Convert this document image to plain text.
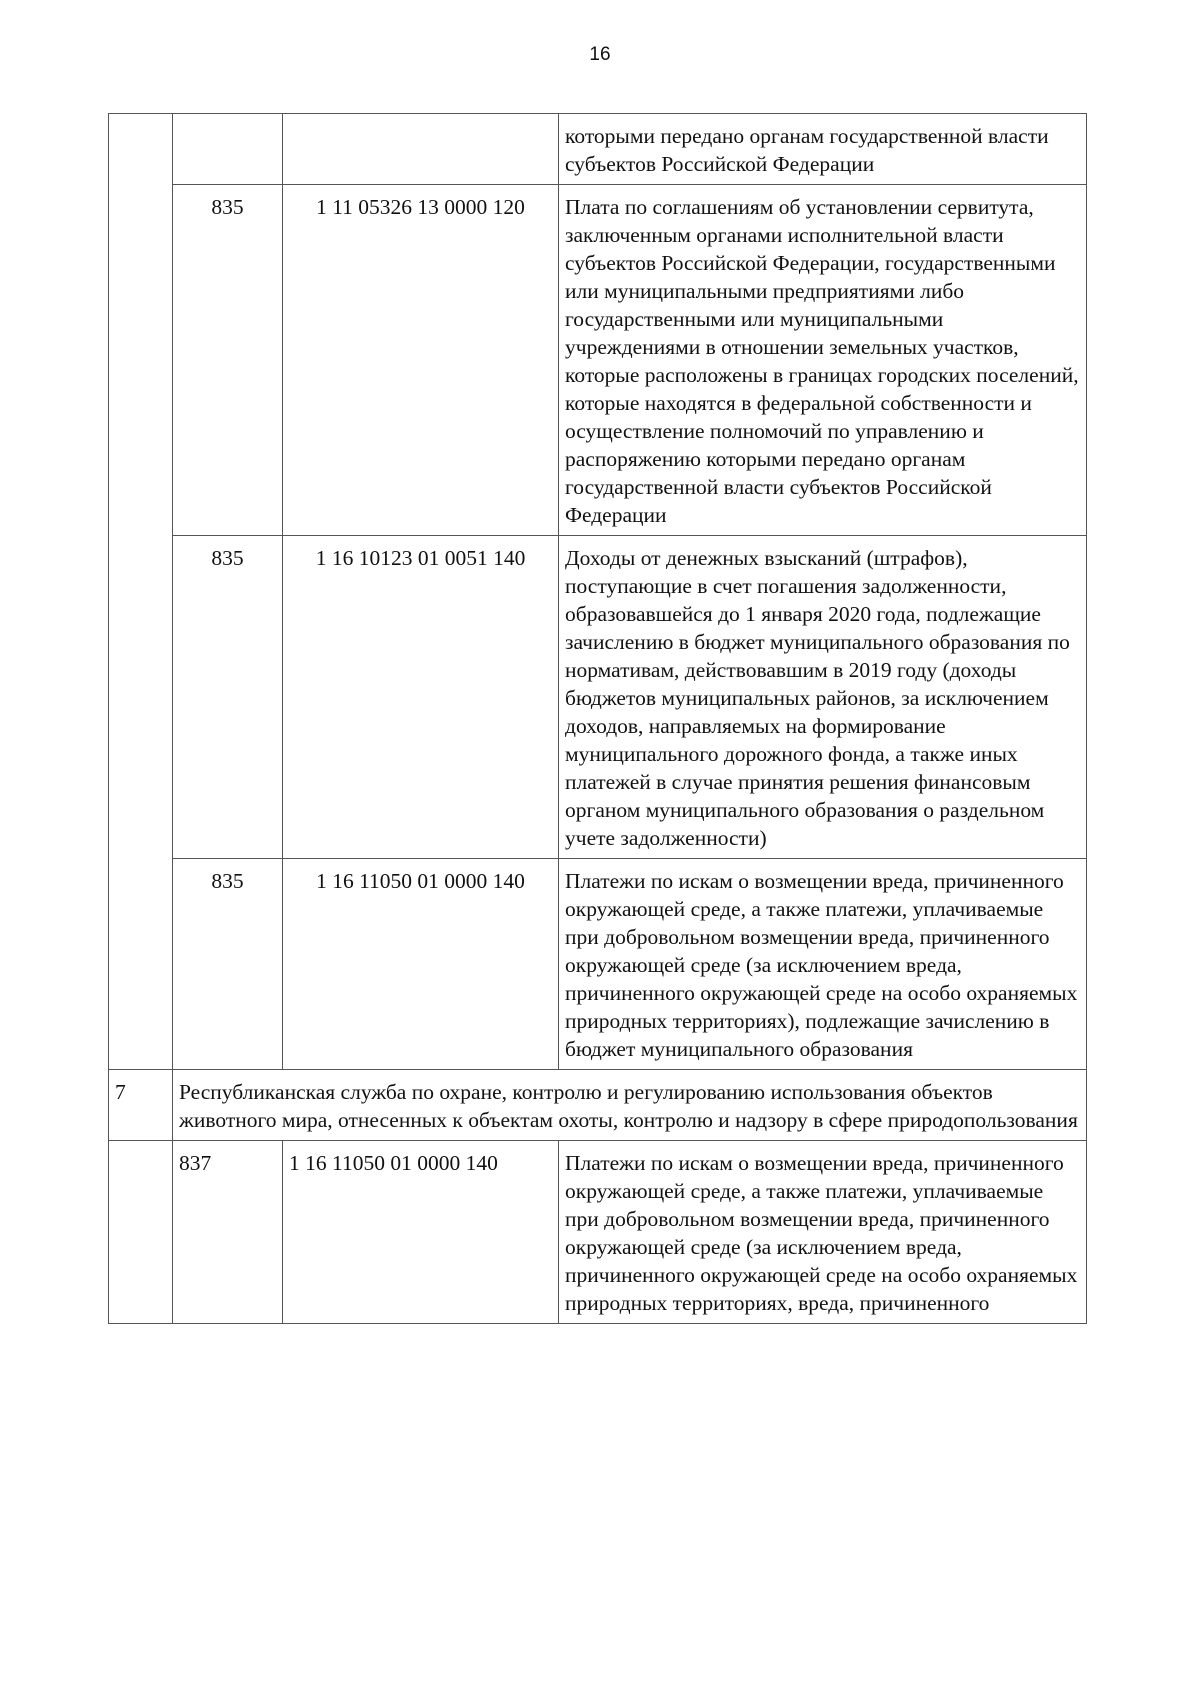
16
			которыми передано органам государственной власти субъектов Российской Федерации
	835	1 11 05326 13 0000 120	Плата по соглашениям об установлении сервитута, заключенным органами исполнительной власти субъектов Российской Федерации, государственными или муниципальными предприятиями либо государственными или муниципальными учреждениями в отношении земельных участков, которые расположены в границах городских поселений, которые находятся в федеральной собственности и осуществление полномочий по управлению и распоряжению которыми передано органам государственной власти субъектов Российской Федерации
	835	1 16 10123 01 0051 140	Доходы от денежных взысканий (штрафов), поступающие в счет погашения задолженности, образовавшейся до 1 января 2020 года, подлежащие зачислению в бюджет муниципального образования по нормативам, действовавшим в 2019 году (доходы бюджетов муниципальных районов, за исключением доходов, направляемых на формирование муниципального дорожного фонда, а также иных платежей в случае принятия решения финансовым органом муниципального образования о раздельном учете задолженности)
	835	1 16 11050 01 0000 140	Платежи по искам о возмещении вреда, причиненного окружающей среде, а также платежи, уплачиваемые при добровольном возмещении вреда, причиненного окружающей среде (за исключением вреда, причиненного окружающей среде на особо охраняемых природных территориях), подлежащие зачислению в бюджет муниципального образования
7	Республиканская служба по охране, контролю и регулированию использования объектов животного мира, отнесенных к объектам охоты, контролю и надзору в сфере природопользования		
	837	1 16 11050 01 0000 140	Платежи по искам о возмещении вреда, причиненного окружающей среде, а также платежи, уплачиваемые при добровольном возмещении вреда, причиненного окружающей среде (за исключением вреда, причиненного окружающей среде на особо охраняемых природных территориях, вреда, причиненного
